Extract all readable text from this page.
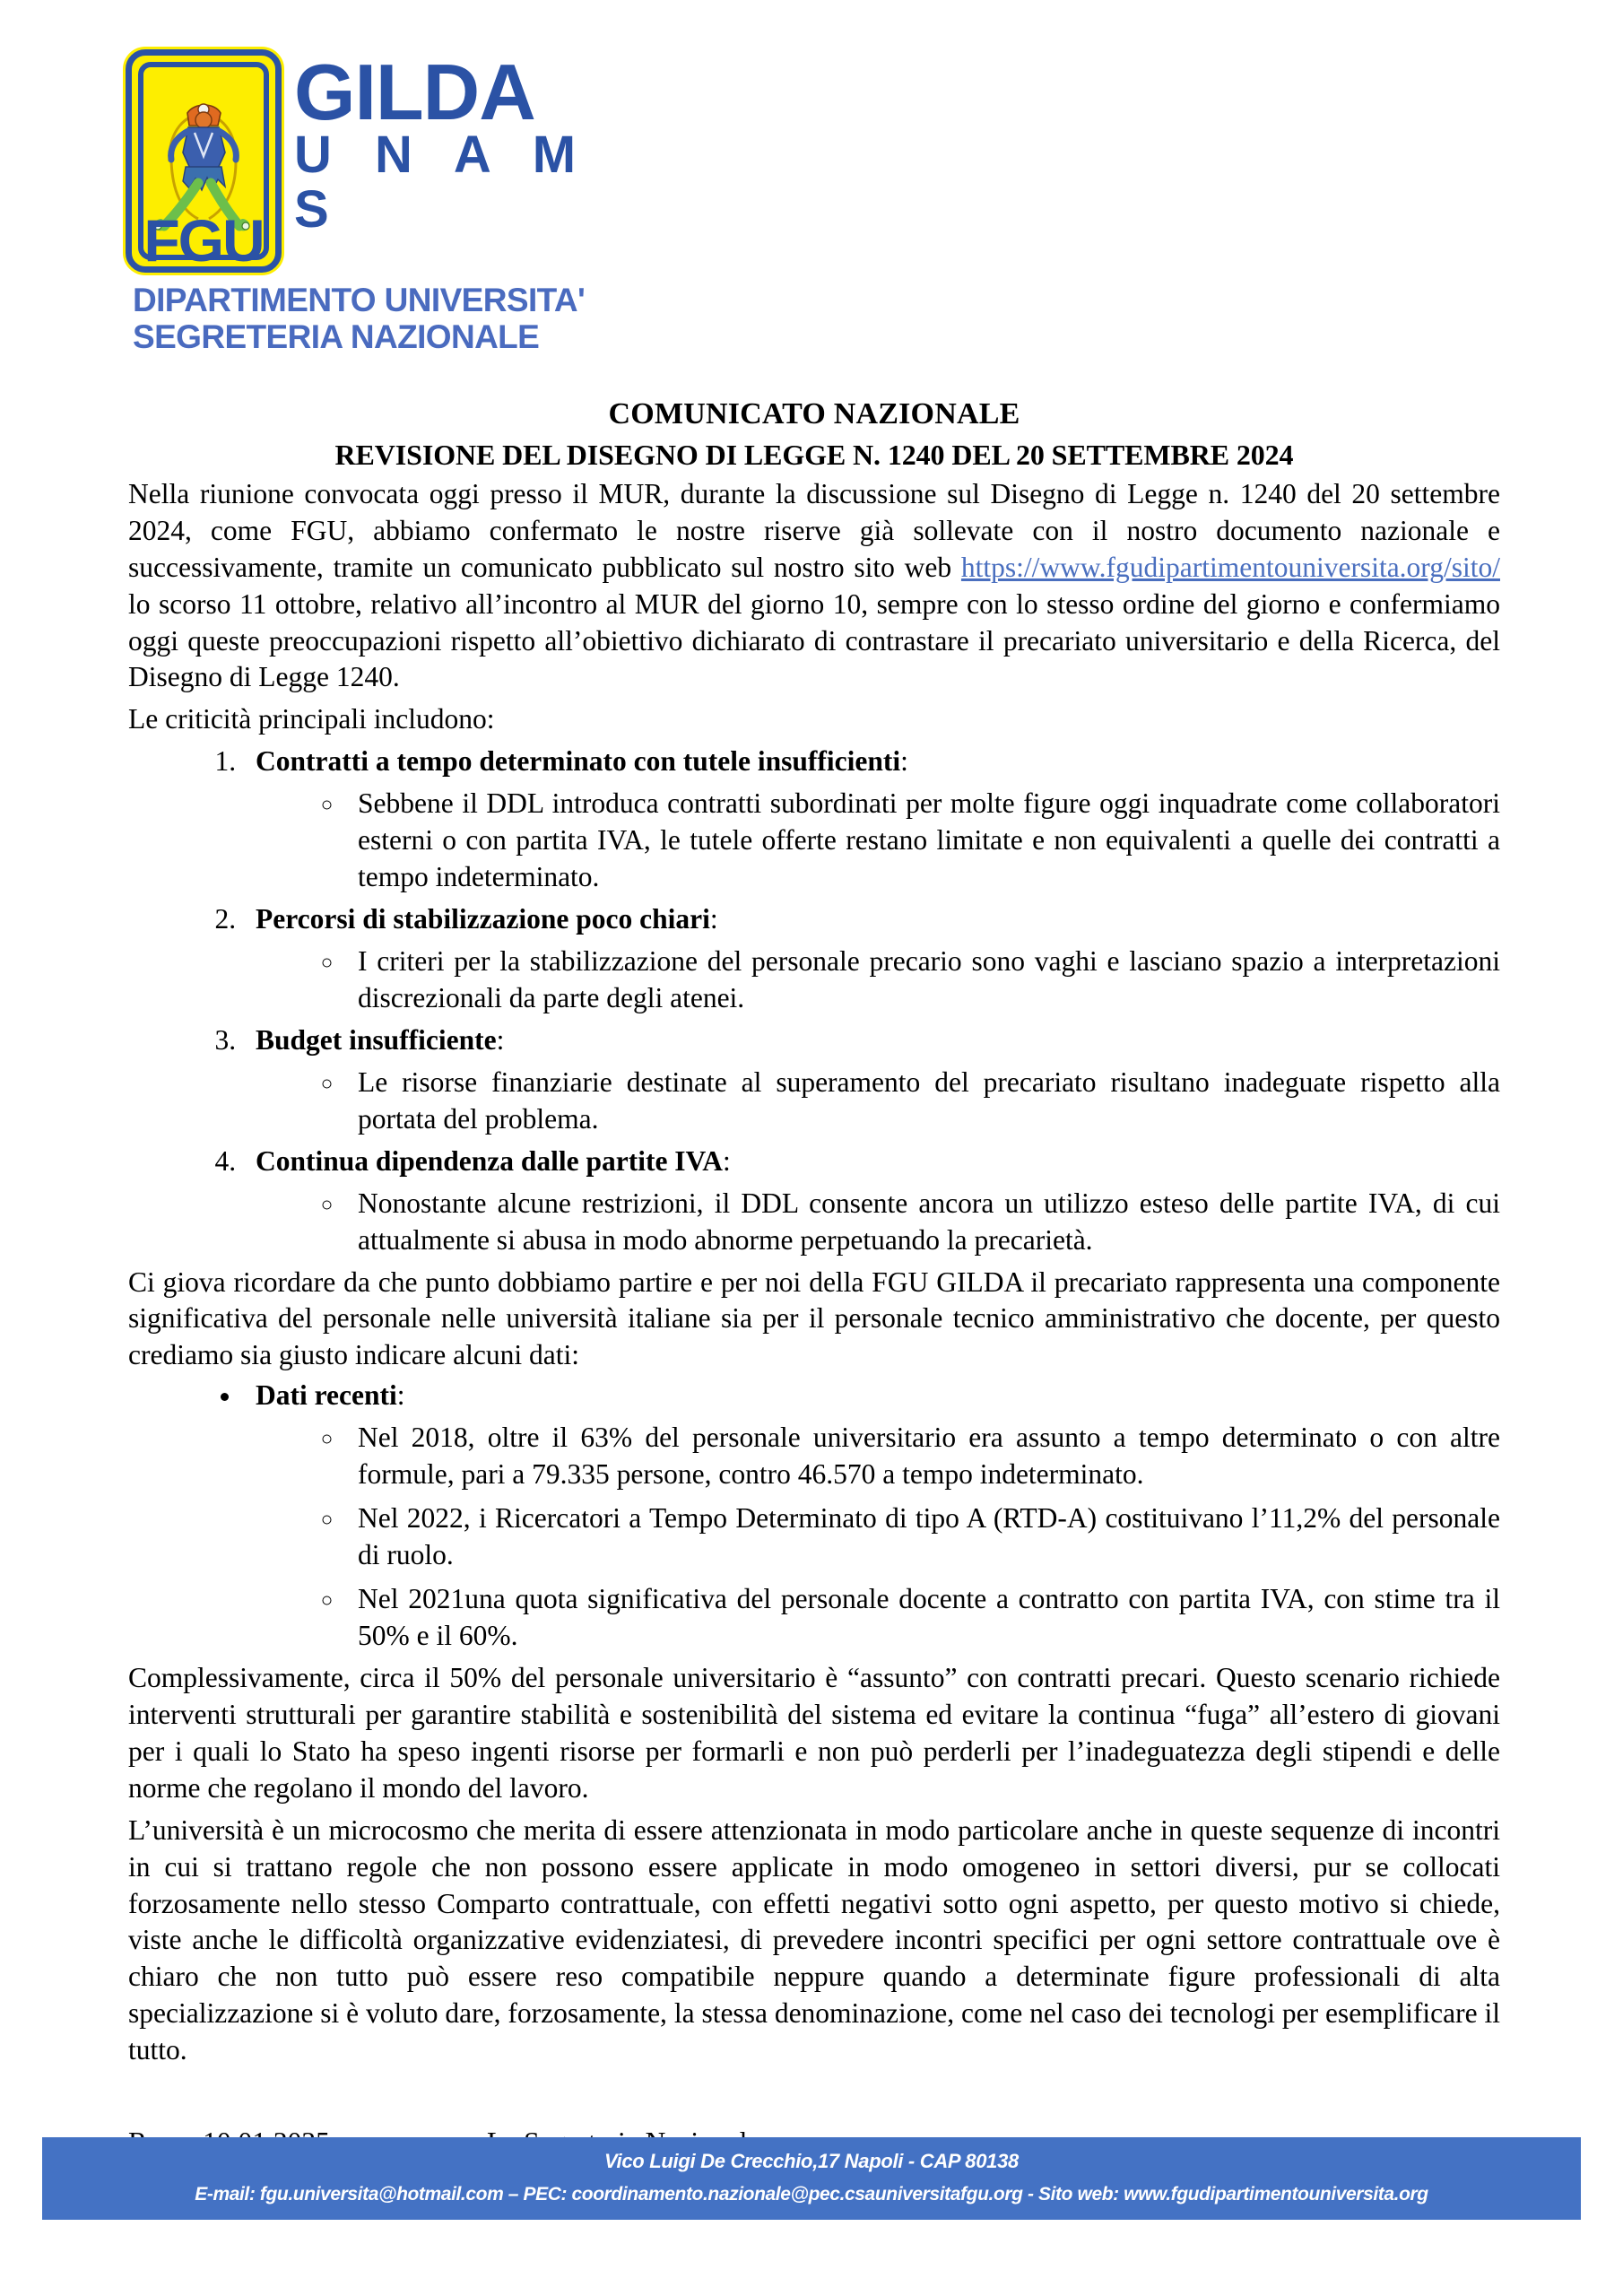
FGU
GILDA
U N A M S
DIPARTIMENTO UNIVERSITA'
SEGRETERIA NAZIONALE
COMUNICATO NAZIONALE
REVISIONE DEL DISEGNO DI LEGGE N. 1240 DEL 20 SETTEMBRE 2024

Nella riunione convocata oggi presso il MUR, durante la discussione sul Disegno di Legge n. 1240 del 20 settembre 2024, come FGU, abbiamo confermato le nostre riserve già sollevate con il nostro documento nazionale e successivamente, tramite un comunicato pubblicato sul nostro sito web https://www.fgudipartimentouniversita.org/sito/ lo scorso 11 ottobre, relativo all’incontro al MUR del giorno 10, sempre con lo stesso ordine del giorno e confermiamo oggi queste preoccupazioni rispetto all’obiettivo dichiarato di contrastare il precariato universitario e della Ricerca, del Disegno di Legge 1240.

Le criticità principali includono:

1. Contratti a tempo determinato con tutele insufficienti:
◦ Sebbene il DDL introduca contratti subordinati per molte figure oggi inquadrate come collaboratori esterni o con partita IVA, le tutele offerte restano limitate e non equivalenti a quelle dei contratti a tempo indeterminato.
2. Percorsi di stabilizzazione poco chiari:
◦ I criteri per la stabilizzazione del personale precario sono vaghi e lasciano spazio a interpretazioni discrezionali da parte degli atenei.
3. Budget insufficiente:
◦ Le risorse finanziarie destinate al superamento del precariato risultano inadeguate rispetto alla portata del problema.
4. Continua dipendenza dalle partite IVA:
◦ Nonostante alcune restrizioni, il DDL consente ancora un utilizzo esteso delle partite IVA, di cui attualmente si abusa in modo abnorme perpetuando la precarietà.

Ci giova ricordare da che punto dobbiamo partire e per noi della FGU GILDA il precariato rappresenta una componente significativa del personale nelle università italiane sia per il personale tecnico amministrativo che docente, per questo crediamo sia giusto indicare alcuni dati:

• Dati recenti:
◦ Nel 2018, oltre il 63% del personale universitario era assunto a tempo determinato o con altre formule, pari a 79.335 persone, contro 46.570 a tempo indeterminato.
◦ Nel 2022, i Ricercatori a Tempo Determinato di tipo A (RTD-A) costituivano l’11,2% del personale di ruolo.
◦ Nel 2021una quota significativa del personale docente a contratto con partita IVA, con stime tra il 50% e il 60%.

Complessivamente, circa il 50% del personale universitario è “assunto” con contratti precari. Questo scenario richiede interventi strutturali per garantire stabilità e sostenibilità del sistema ed evitare la continua “fuga” all’estero di giovani per i quali lo Stato ha speso ingenti risorse per formarli e non può perderli per l’inadeguatezza degli stipendi e delle norme che regolano il mondo del lavoro.

L’università è un microcosmo che merita di essere attenzionata in modo particolare anche in queste sequenze di incontri in cui si trattano regole che non possono essere applicate in modo omogeneo in settori diversi, pur se collocati forzosamente nello stesso Comparto contrattuale, con effetti negativi sotto ogni aspetto, per questo motivo si chiede, viste anche le difficoltà organizzative evidenziatesi, di prevedere incontri specifici per ogni settore contrattuale ove è chiaro che non tutto può essere reso compatibile neppure quando a determinate figure professionali di alta specializzazione si è voluto dare, forzosamente, la stessa denominazione, come nel caso dei tecnologi per esemplificare il tutto.

Vico Luigi De Crecchio,17 Napoli - CAP 80138
E-mail: fgu.universita@hotmail.com – PEC: coordinamento.nazionale@pec.csauniversitafgu.org - Sito web: www.fgudipartimentouniversita.org
